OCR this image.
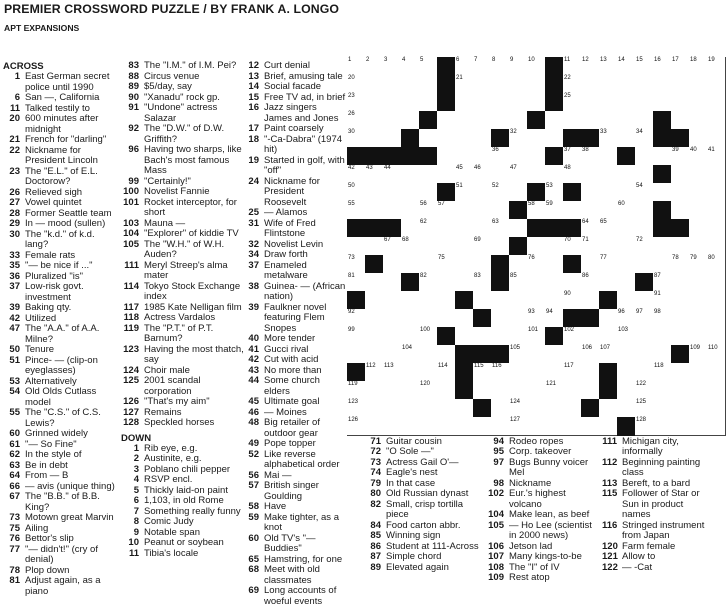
PREMIER CROSSWORD PUZZLE / BY FRANK A. LONGO
APT EXPANSIONS
ACROSS
1 East German secret police until 1990
6 San —, California
11 Talked testily to
20 600 minutes after midnight
21 French for "darling"
22 Nickname for President Lincoln
23 The "E.L." of E.L. Doctorow?
26 Relieved sigh
27 Vowel quintet
28 Former Seattle team
29 In — mood (sullen)
30 The "k.d." of k.d. lang?
33 Female rats
35 "— be nice if ..."
36 Pluralized "is"
37 Low-risk govt. investment
39 Baking qty.
42 Utilized
47 The "A.A." of A.A. Milne?
50 Tenure
51 Pince- — (clip-on eyeglasses)
53 Alternatively
54 Old Olds Cutlass model
55 The "C.S." of C.S. Lewis?
60 Grinned widely
61 "— So Fine"
62 In the style of
63 Be in debt
64 From — B
66 — avis (unique thing)
67 The "B.B." of B.B. King?
73 Motown great Marvin
75 Ailing
76 Bettor's slip
77 "— didn't!" (cry of denial)
78 Plop down
81 Adjust again, as a piano
83 The "I.M." of I.M. Pei?
88 Circus venue
89 $5/day, say
90 "Xanadu" rock gp.
91 "Undone" actress Salazar
92 The "D.W." of D.W. Griffith?
96 Having two sharps, like Bach's most famous Mass
99 "Certainly!"
100 Novelist Fannie
101 Rocket interceptor, for short
103 Mauna —
104 "Explorer" of kiddie TV
105 The "W.H." of W.H. Auden?
111 Meryl Streep's alma mater
114 Tokyo Stock Exchange index
117 1985 Kate Nelligan film
118 Actress Vardalos
119 The "P.T." of P.T. Barnum?
123 Having the most thatch, say
124 Choir male
125 2001 scandal corporation
126 "That's my aim"
127 Remains
128 Speckled horses
DOWN
1 Rib eye, e.g.
2 Austinite, e.g.
3 Poblano chili pepper
4 RSVP encl.
5 Thickly laid-on paint
6 1,103, in old Rome
7 Something really funny
8 Comic Judy
9 Notable span
10 Peanut or soybean
11 Tibia's locale
12 Curt denial
13 Brief, amusing tale
14 Social facade
15 Free TV ad, in brief
16 Jazz singers James and Jones
17 Paint coarsely
18 "-Ca-Dabra" (1974 hit)
19 Started in golf, with "off"
24 Nickname for President Roosevelt
25 — Alamos
31 Wife of Fred Flintstone
32 Novelist Levin
34 Draw forth
37 Enameled metalware
38 Guinea- — (African nation)
39 Faulkner novel featuring Flem Snopes
40 More tender
41 Gucci rival
42 Cut with acid
43 No more than
44 Some church elders
45 Ultimate goal
46 — Moines
48 Big retailer of outdoor gear
49 Pope topper
52 Like reverse alphabetical order
56 Mai —
57 British singer Goulding
58 Have
59 Make tighter, as a knot
60 Old TV's "— Buddies"
65 Hamstring, for one
68 Meet with old classmates
69 Long accounts of woeful events
71 Guitar cousin
72 "O Sole —"
73 Actress Gail O'—
74 Eagle's nest
79 In that case
80 Old Russian dynast
82 Small, crisp tortilla piece
84 Food carton abbr.
85 Winning sign
86 Student at 111-Across
87 Simple chord
89 Elevated again
94 Rodeo ropes
95 Corp. takeover
97 Bugs Bunny voicer Mel
98 Nickname
102 Eur.'s highest volcano
104 Make lean, as beef
105 — Ho Lee (scientist in 2000 news)
106 Jetson lad
107 Many kings-to-be
108 The "I" of IV
109 Rest atop
111 Michigan city, informally
112 Beginning painting class
113 Bereft, to a bard
115 Follower of Star or Sun in product names
116 Stringed instrument from Japan
120 Farm female
121 Allow to
122 — -Cat
1 2 3 4 5	6 7 8 9 10	11 12 13 14 15 16 17 18 19
20	21	22
23	25
26
30	32	33	34
36	37 38	39 40 41
42 43 44	45 46	47	48
50	51	52	53	54
55	56 57	58 59	60
62	63	64 65
67 68	69	70 71	72
73	75	76	77	78 79 80
81	82	83	85	86	87
90	91
92	93 94	96 97 98
99	100	101	102	103
104	105	106 107	109 110
112 113	114	115 116	117	118
119	120	121	122
123	124	125
126	127	128
